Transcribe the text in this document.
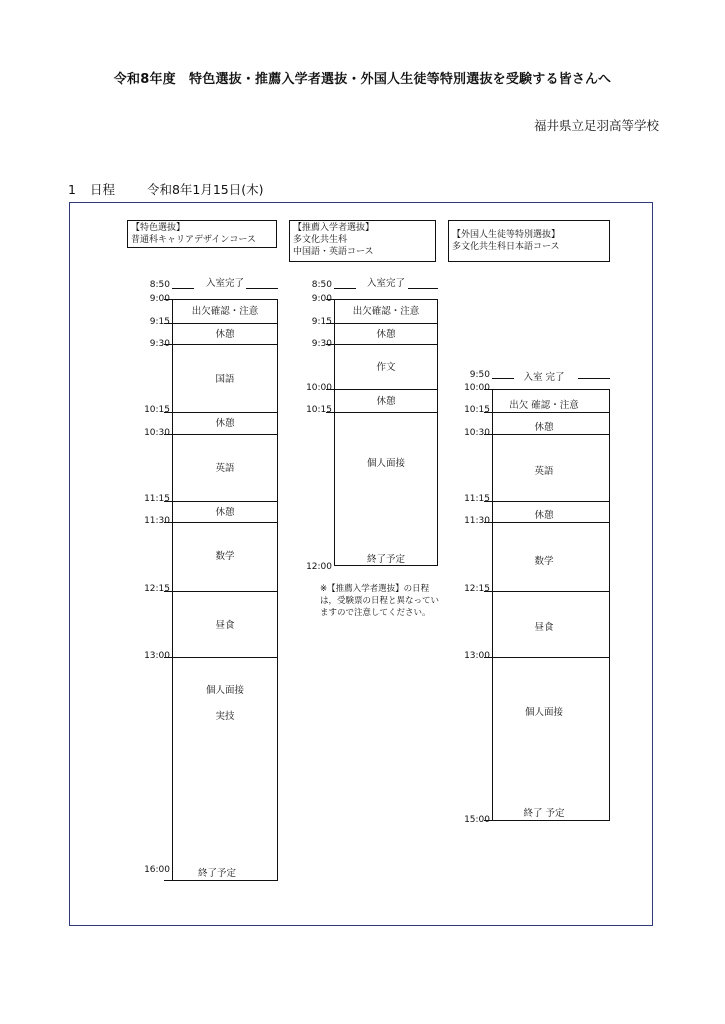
令和8年度　特色選抜・推薦入学者選抜・外国人生徒等特別選抜を受験する皆さんへ
福井県立足羽高等学校
1 日程	令和8年1月15日(木)
【特色選抜】
普通科キャリアデザインコース
【推薦入学者選抜】
多文化共生科
中国語・英語コース
【外国人生徒等特別選抜】
多文化共生科日本語コース
8:50
9:00
9:15
9:30
10:15
10:30
11:15
11:30
12:15
13:00
16:00
入室完了
出欠確認・注意
休憩
国語
休憩
英語
休憩
数学
昼食
個人面接
実技
終了予定
8:50
9:00
9:15
9:30
10:00
10:15
12:00
入室完了
出欠確認・注意
休憩
作文
休憩
個人面接
終了予定
※【推薦入学者選抜】の日程は，受験票の日程と異なっていますので注意してください。
9:50
10:00
10:15
10:30
11:15
11:30
12:15
13:00
15:00
入室 完了
出欠 確認・注意
休憩
英語
休憩
数学
昼食
個人面接
終了 予定
